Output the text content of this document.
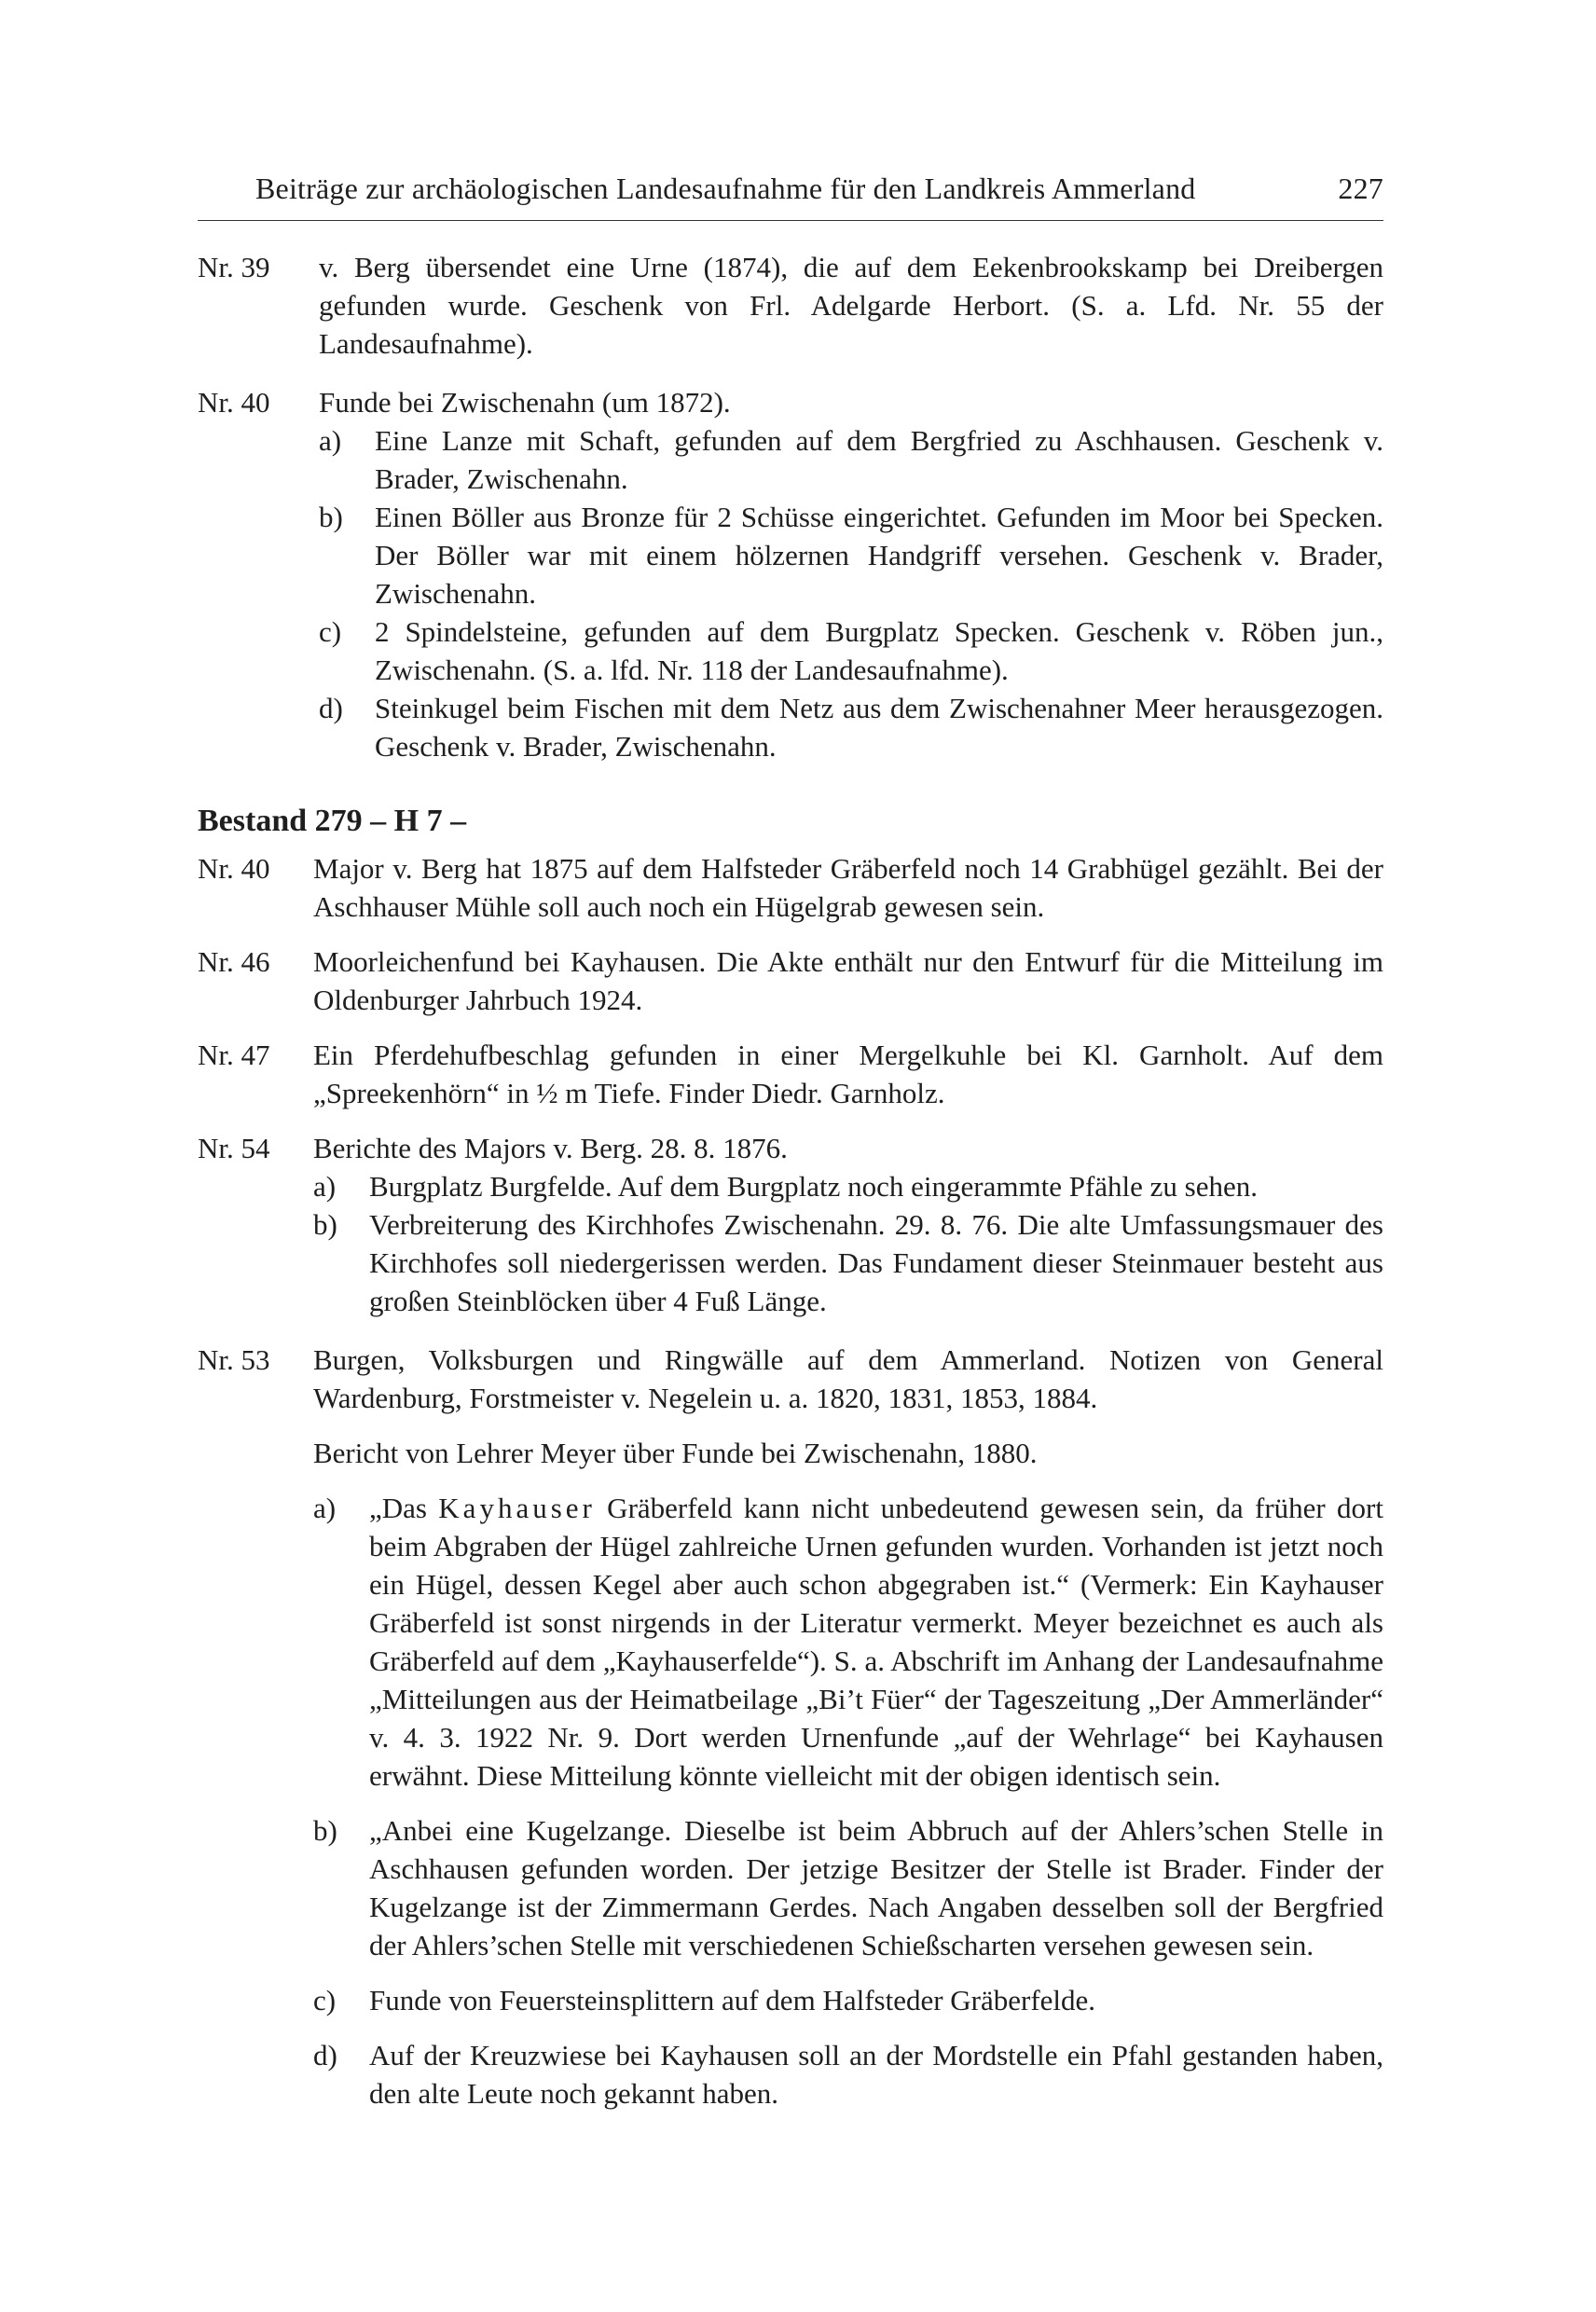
Beiträge zur archäologischen Landesaufnahme für den Landkreis Ammerland	227
Nr. 39 v. Berg übersendet eine Urne (1874), die auf dem Eekenbrookskamp bei Dreibergen gefunden wurde. Geschenk von Frl. Adelgarde Herbort. (S. a. Lfd. Nr. 55 der Landesaufnahme).

Nr. 40 Funde bei Zwischenahn (um 1872).

a) Eine Lanze mit Schaft, gefunden auf dem Bergfried zu Aschhausen. Geschenk v. Brader, Zwischenahn.

b) Einen Böller aus Bronze für 2 Schüsse eingerichtet. Gefunden im Moor bei Specken. Der Böller war mit einem hölzernen Handgriff versehen. Geschenk v. Brader, Zwischenahn.

c) 2 Spindelsteine, gefunden auf dem Burgplatz Specken. Geschenk v. Röben jun., Zwischenahn. (S. a. lfd. Nr. 118 der Landesaufnahme).

d) Steinkugel beim Fischen mit dem Netz aus dem Zwischenahner Meer herausgezogen. Geschenk v. Brader, Zwischenahn.

Bestand 279 – H 7 –
Nr. 40 Major v. Berg hat 1875 auf dem Halfsteder Gräberfeld noch 14 Grabhügel gezählt. Bei der Aschhauser Mühle soll auch noch ein Hügelgrab gewesen sein.

Nr. 46 Moorleichenfund bei Kayhausen. Die Akte enthält nur den Entwurf für die Mitteilung im Oldenburger Jahrbuch 1924.

Nr. 47 Ein Pferdehufbeschlag gefunden in einer Mergelkuhle bei Kl. Garnholt. Auf dem „Spreekenhörn“ in ½ m Tiefe. Finder Diedr. Garnholz.

Nr. 54 Berichte des Majors v. Berg. 28. 8. 1876.

a) Burgplatz Burgfelde. Auf dem Burgplatz noch eingerammte Pfähle zu sehen.

b) Verbreiterung des Kirchhofes Zwischenahn. 29. 8. 76. Die alte Umfassungsmauer des Kirchhofes soll niedergerissen werden. Das Fundament dieser Steinmauer besteht aus großen Steinblöcken über 4 Fuß Länge.

Nr. 53 Burgen, Volksburgen und Ringwälle auf dem Ammerland. Notizen von General Wardenburg, Forstmeister v. Negelein u. a. 1820, 1831, 1853, 1884.

Bericht von Lehrer Meyer über Funde bei Zwischenahn, 1880.

a) „Das Kayhauser Gräberfeld kann nicht unbedeutend gewesen sein, da früher dort beim Abgraben der Hügel zahlreiche Urnen gefunden wurden. Vorhanden ist jetzt noch ein Hügel, dessen Kegel aber auch schon abgegraben ist.“ (Vermerk: Ein Kayhauser Gräberfeld ist sonst nirgends in der Literatur vermerkt. Meyer bezeichnet es auch als Gräberfeld auf dem „Kayhauserfelde“). S. a. Abschrift im Anhang der Landesaufnahme „Mitteilungen aus der Heimatbeilage „Bi’t Füer“ der Tageszeitung „Der Ammerländer“ v. 4. 3. 1922 Nr. 9. Dort werden Urnenfunde „auf der Wehrlage“ bei Kayhausen erwähnt. Diese Mitteilung könnte vielleicht mit der obigen identisch sein.

b) „Anbei eine Kugelzange. Dieselbe ist beim Abbruch auf der Ahlers’schen Stelle in Aschhausen gefunden worden. Der jetzige Besitzer der Stelle ist Brader. Finder der Kugelzange ist der Zimmermann Gerdes. Nach Angaben desselben soll der Bergfried der Ahlers’schen Stelle mit verschiedenen Schießscharten versehen gewesen sein.

c) Funde von Feuersteinsplittern auf dem Halfsteder Gräberfelde.

d) Auf der Kreuzwiese bei Kayhausen soll an der Mordstelle ein Pfahl gestanden haben, den alte Leute noch gekannt haben.
